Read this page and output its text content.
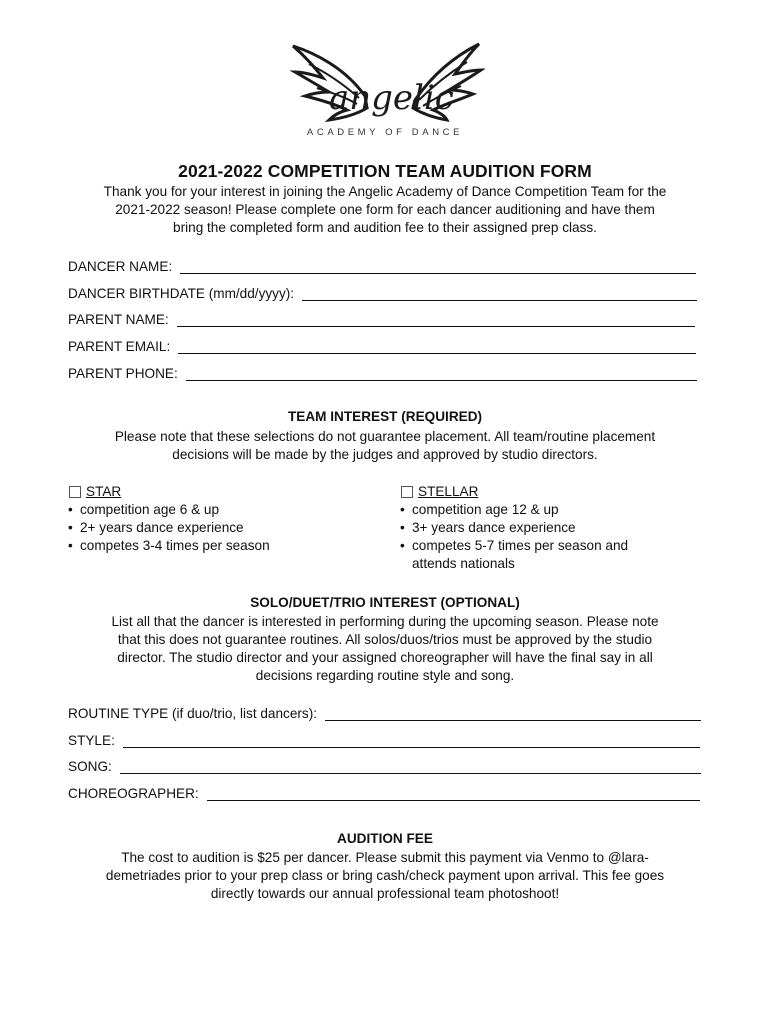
angelic
ACADEMY OF DANCE
2021-2022 COMPETITION TEAM AUDITION FORM
Thank you for your interest in joining the Angelic Academy of Dance Competition Team for the
2021-2022 season! Please complete one form for each dancer auditioning and have them
bring the completed form and audition fee to their assigned prep class.
DANCER NAME:
DANCER BIRTHDATE (mm/dd/yyyy):
PARENT NAME:
PARENT EMAIL:
PARENT PHONE:
TEAM INTEREST (REQUIRED)
Please note that these selections do not guarantee placement. All team/routine placement
decisions will be made by the judges and approved by studio directors.
STAR
• competition age 6 & up
• 2+ years dance experience
• competes 3-4 times per season
STELLAR
• competition age 12 & up
• 3+ years dance experience
• competes 5-7 times per season and attends nationals
SOLO/DUET/TRIO INTEREST (OPTIONAL)
List all that the dancer is interested in performing during the upcoming season. Please note
that this does not guarantee routines. All solos/duos/trios must be approved by the studio
director. The studio director and your assigned choreographer will have the final say in all
decisions regarding routine style and song.
ROUTINE TYPE (if duo/trio, list dancers):
STYLE:
SONG:
CHOREOGRAPHER:
AUDITION FEE
The cost to audition is $25 per dancer. Please submit this payment via Venmo to @lara-
demetriades prior to your prep class or bring cash/check payment upon arrival. This fee goes
directly towards our annual professional team photoshoot!
